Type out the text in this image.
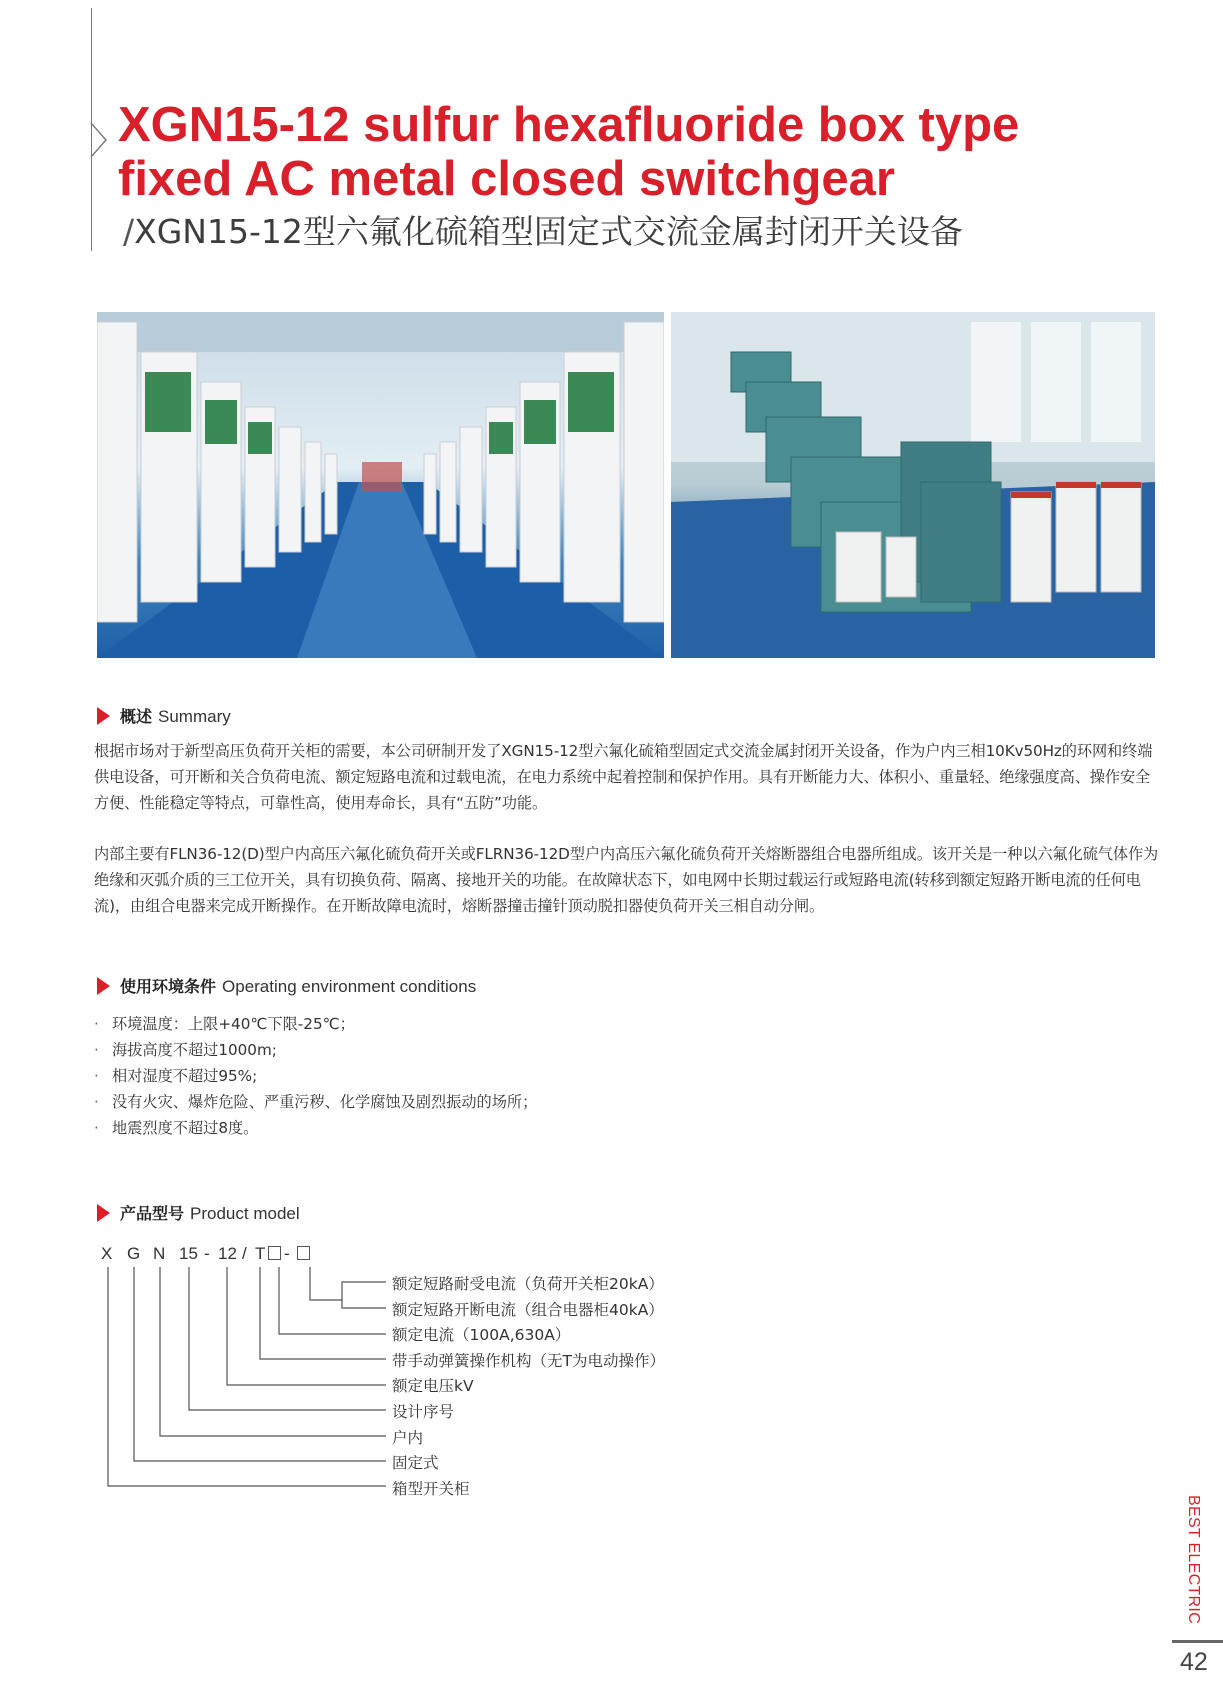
XGN15-12 sulfur hexafluoride box type
fixed AC metal closed switchgear
/XGN15-12型六氟化硫箱型固定式交流金属封闭开关设备
概述 Summary

根据市场对于新型高压负荷开关柜的需要，本公司研制开发了XGN15-12型六氟化硫箱型固定式交流金属封闭开关设备，作为户内三相10Kv50Hz的环网和终端供电设备，可开断和关合负荷电流、额定短路电流和过载电流，在电力系统中起着控制和保护作用。具有开断能力大、体积小、重量轻、绝缘强度高、操作安全方便、性能稳定等特点，可靠性高，使用寿命长，具有“五防”功能。

内部主要有FLN36-12(D)型户内高压六氟化硫负荷开关或FLRN36-12D型户内高压六氟化硫负荷开关熔断器组合电器所组成。该开关是一种以六氟化硫气体作为绝缘和灭弧介质的三工位开关，具有切换负荷、隔离、接地开关的功能。在故障状态下，如电网中长期过载运行或短路电流(转移到额定短路开断电流的任何电流)，由组合电器来完成开断操作。在开断故障电流时，熔断器撞击撞针顶动脱扣器使负荷开关三相自动分闸。

使用环境条件 Operating environment conditions
· 环境温度：上限+40℃下限-25℃；
· 海拔高度不超过1000m;
· 相对湿度不超过95%;
· 没有火灾、爆炸危险、严重污秽、化学腐蚀及剧烈振动的场所；
· 地震烈度不超过8度。
产品型号 Product model
X G N 15 - 12 / T -
额定短路耐受电流（负荷开关柜20kA）
额定短路开断电流（组合电器柜40kA）
额定电流（100A,630A）
带手动弹簧操作机构（无T为电动操作）
额定电压kV
设计序号
户内
固定式
箱型开关柜
BEST ELECTRIC
42
